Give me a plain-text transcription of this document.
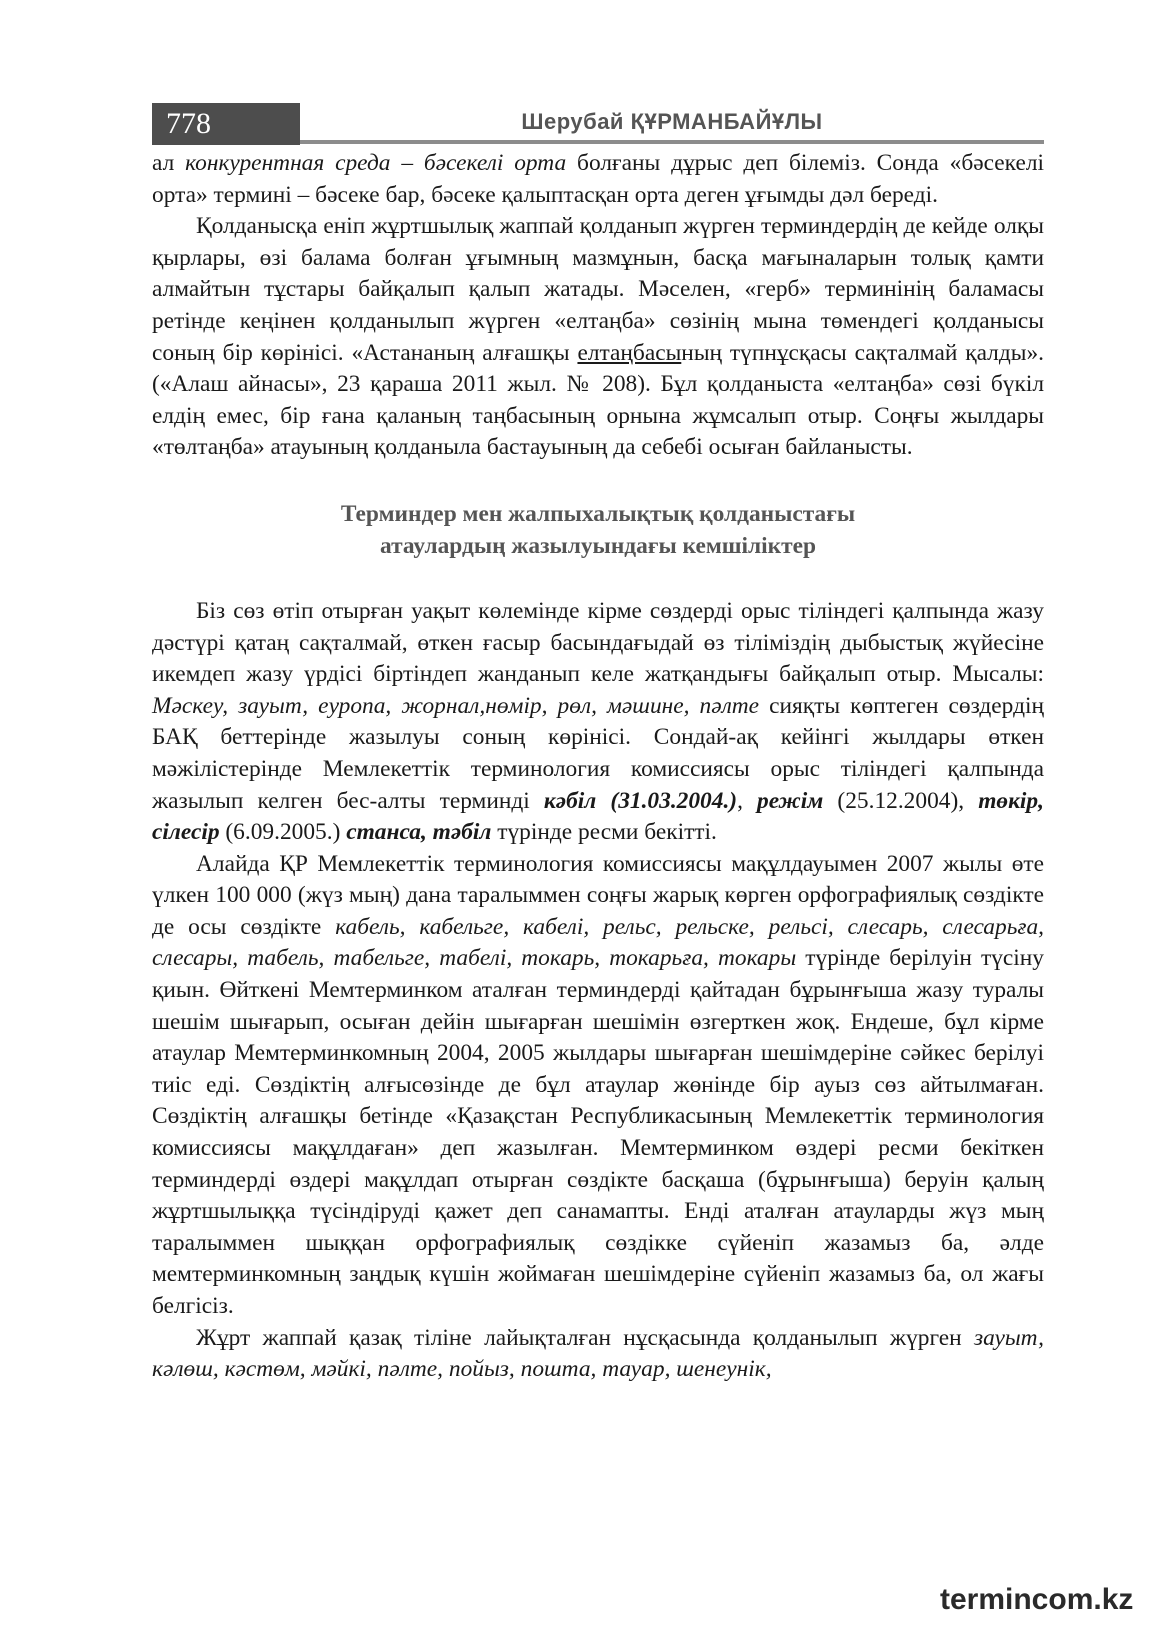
778	Шерубай ҚҰРМАНБАЙҰЛЫ

ал конкурентная среда – бәсекелі орта болғаны дұрыс деп білеміз. Сонда «бәсекелі орта» термині – бәсеке бар, бәсеке қалыптасқан орта деген ұғымды дәл береді.

Қолданысқа еніп жұртшылық жаппай қолданып жүрген терминдердің де кейде олқы қырлары, өзі балама болған ұғымның мазмұнын, басқа мағыналарын толық қамти алмайтын тұстары байқалып қалып жатады. Мәселен, «герб» терминінің баламасы ретінде кеңінен қолданылып жүрген «елтаңба» сөзінің мына төмендегі қолданысы соның бір көрінісі. «Астананың алғашқы елтаңбасының түпнұсқасы сақталмай қалды».(«Алаш айнасы», 23 қараша 2011 жыл. № 208). Бұл қолданыста «елтаңба» сөзі бүкіл елдің емес, бір ғана қаланың таңбасының орнына жұмсалып отыр. Соңғы жылдары «төлтаңба» атауының қолданыла бастауының да себебі осыған байланысты.

Терминдер мен жалпыхалықтық қолданыстағы
атаулардың жазылуындағы кемшіліктер

Біз сөз өтіп отырған уақыт көлемінде кірме сөздерді орыс тіліндегі қалпында жазу дәстүрі қатаң сақталмай, өткен ғасыр басындағыдай өз тіліміздің дыбыстық жүйесіне икемдеп жазу үрдісі біртіндеп жанданып келе жатқандығы байқалып отыр. Мысалы: Мәскеу, зауыт, еуропа, жорнал,нөмір, рөл, мәшине, пәлте сияқты көптеген сөздердің БАҚ беттерінде жазылуы соның көрінісі. Сондай-ақ кейінгі жылдары өткен мәжілістерінде Мемлекеттік терминология комиссиясы орыс тіліндегі қалпында жазылып келген бес-алты терминді кәбіл (31.03.2004.), режім (25.12.2004), төкір, сілесір (6.09.2005.) станса, тәбіл түрінде ресми бекітті.

Алайда ҚР Мемлекеттік терминология комиссиясы мақұлдауымен 2007 жылы өте үлкен 100 000 (жүз мың) дана таралыммен соңғы жарық көрген орфографиялық сөздікте де осы сөздікте кабель, кабельге, кабелі, рельс, рельске, рельсі, слесарь, слесарьға, слесары, табель, табельге, табелі, токарь, токарьға, токары түрінде берілуін түсіну қиын. Өйткені Мемтерминком аталған терминдерді қайтадан бұрынғыша жазу туралы шешім шығарып, осыған дейін шығарған шешімін өзгерткен жоқ. Ендеше, бұл кірме атаулар Мемтерминкомның 2004, 2005 жылдары шығарған шешімдеріне сәйкес берілуі тиіс еді. Сөздіктің алғысөзінде де бұл атаулар жөнінде бір ауыз сөз айтылмаған. Сөздіктің алғашқы бетінде «Қазақстан Республикасының Мемлекеттік терминология комиссиясы мақұлдаған» деп жазылған. Мемтерминком өздері ресми бекіткен терминдерді өздері мақұлдап отырған сөздікте басқаша (бұрынғыша) беруін қалың жұртшылыққа түсіндіруді қажет деп санамапты. Енді аталған атауларды жүз мың таралыммен шыққан орфографиялық сөздікке сүйеніп жазамыз ба, әлде мемтерминкомның заңдық күшін жоймаған шешімдеріне сүйеніп жазамыз ба, ол жағы белгісіз.

Жұрт жаппай қазақ тіліне лайықталған нұсқасында қолданылып жүрген зауыт, кәлөш, кәстөм, мәйкі, пәлте, пойыз, пошта, тауар, шенеунік,

termincom.kz
